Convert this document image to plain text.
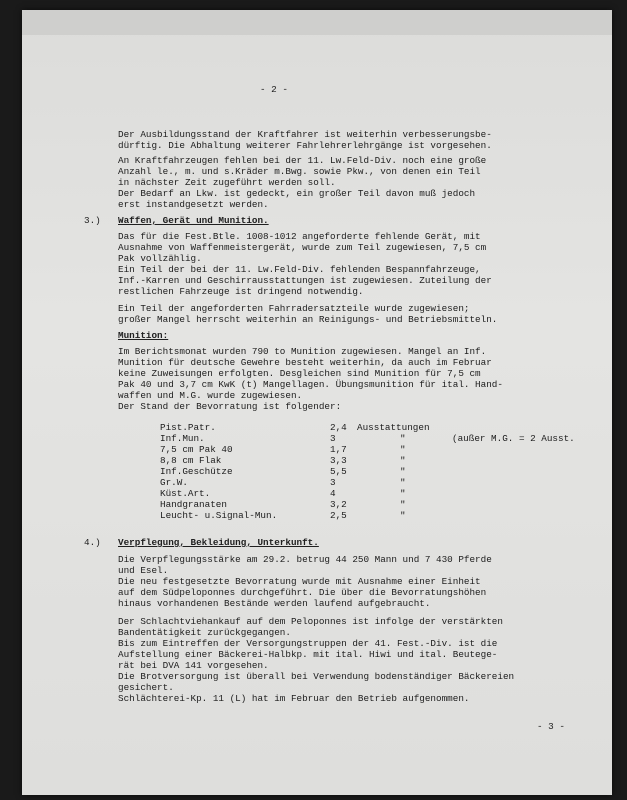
- 2 -
Der Ausbildungsstand der Kraftfahrer ist weiterhin verbesserungsbe-
dürftig. Die Abhaltung weiterer Fahrlehrerlehrgänge ist vorgesehen.
An Kraftfahrzeugen fehlen bei der 11. Lw.Feld-Div. noch eine große
Anzahl le., m. und s.Kräder m.Bwg. sowie Pkw., von denen ein Teil
in nächster Zeit zugeführt werden soll.
Der Bedarf an Lkw. ist gedeckt, ein großer Teil davon muß jedoch
erst instandgesetzt werden.
3.) Waffen, Gerät und Munition.
Das für die Fest.Btle. 1008-1012 angeforderte fehlende Gerät, mit
Ausnahme von Waffenmeistergerät, wurde zum Teil zugewiesen, 7,5 cm
Pak vollzählig.
Ein Teil der bei der 11. Lw.Feld-Div. fehlenden Bespannfahrzeuge,
Inf.-Karren und Geschirrausstattungen ist zugewiesen. Zuteilung der
restlichen Fahrzeuge ist dringend notwendig.
Ein Teil der angeforderten Fahrradersatzteile wurde zugewiesen;
großer Mangel herrscht weiterhin an Reinigungs- und Betriebsmitteln.
Munition:
Im Berichtsmonat wurden 790 to Munition zugewiesen. Mangel an Inf.
Munition für deutsche Gewehre besteht weiterhin, da auch im Februar
keine Zuweisungen erfolgten. Desgleichen sind Munition für 7,5 cm
Pak 40 und 3,7 cm KwK (t) Mangellagen. Übungsmunition für ital. Hand-
waffen und M.G. wurde zugewiesen.
Der Stand der Bevorratung ist folgender:
Pist.Patr.	2,4 Ausstattungen
Inf.Mun.	3	"	(außer M.G. = 2 Ausst.
7,5 cm Pak 40	1,7	"
8,8 cm Flak	3,3	"
Inf.Geschütze	5,5	"
Gr.W.	3	"
Küst.Art.	4	"
Handgranaten	3,2	"
Leucht- u.Signal-Mun.	2,5	"
4.) Verpflegung, Bekleidung, Unterkunft.
Die Verpflegungsstärke am 29.2. betrug 44 250 Mann und 7 430 Pferde
und Esel.
Die neu festgesetzte Bevorratung wurde mit Ausnahme einer Einheit
auf dem Südpeloponnes durchgeführt. Die über die Bevorratungshöhen
hinaus vorhandenen Bestände werden laufend aufgebraucht.
Der Schlachtviehankauf auf dem Peloponnes ist infolge der verstärkten
Bandentätigkeit zurückgegangen.
Bis zum Eintreffen der Versorgungstruppen der 41. Fest.-Div. ist die
Aufstellung einer Bäckerei-Halbkp. mit ital. Hiwi und ital. Beutege-
rät bei DVA 141 vorgesehen.
Die Brotversorgung ist überall bei Verwendung bodenständiger Bäckereien
gesichert.
Schlächterei-Kp. 11 (L) hat im Februar den Betrieb aufgenommen.
- 3 -
